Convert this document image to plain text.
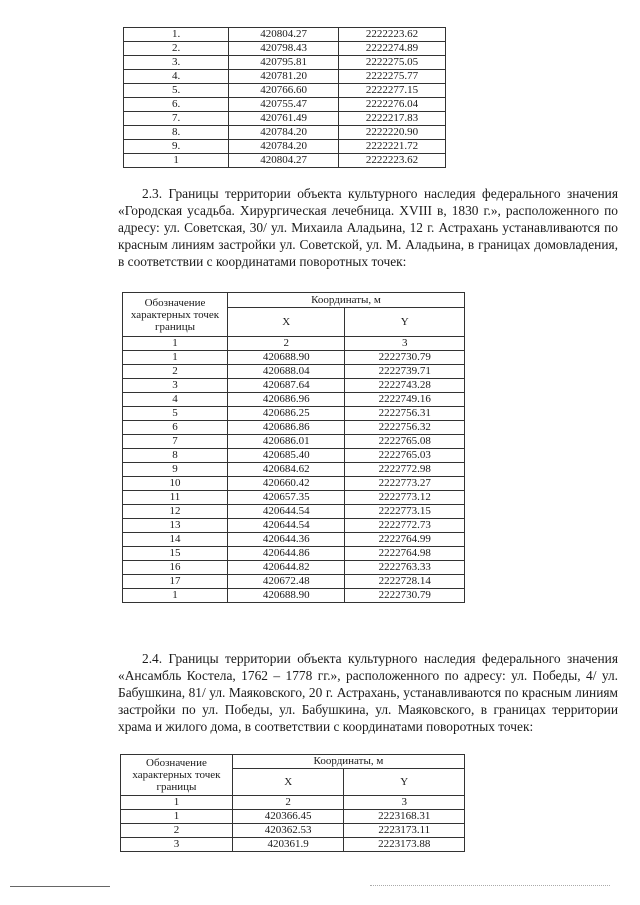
1.	420804.27	2222223.62
2.	420798.43	2222274.89
3.	420795.81	2222275.05
4.	420781.20	2222275.77
5.	420766.60	2222277.15
6.	420755.47	2222276.04
7.	420761.49	2222217.83
8.	420784.20	2222220.90
9.	420784.20	2222221.72
1	420804.27	2222223.62

2.3. Границы территории объекта культурного наследия федерального значения «Городская усадьба. Хирургическая лечебница. XVIII в, 1830 г.», расположенного по адресу: ул. Советская, 30/ ул. Михаила Аладьина, 12 г. Астрахань устанавливаются по красным линиям застройки ул. Советской, ул. М. Аладьина, в границах домовладения, в соответствии с координатами поворотных точек:

Обозначение характерных точек границы	Координаты, м	
	X	Y
1	2	3
1	420688.90	2222730.79
2	420688.04	2222739.71
3	420687.64	2222743.28
4	420686.96	2222749.16
5	420686.25	2222756.31
6	420686.86	2222756.32
7	420686.01	2222765.08
8	420685.40	2222765.03
9	420684.62	2222772.98
10	420660.42	2222773.27
11	420657.35	2222773.12
12	420644.54	2222773.15
13	420644.54	2222772.73
14	420644.36	2222764.99
15	420644.86	2222764.98
16	420644.82	2222763.33
17	420672.48	2222728.14
1	420688.90	2222730.79

2.4. Границы территории объекта культурного наследия федерального значения «Ансамбль Костела, 1762 – 1778 гг.», расположенного по адресу: ул. Победы, 4/ ул. Бабушкина, 81/ ул. Маяковского, 20 г. Астрахань, устанавливаются по красным линиям застройки по ул. Победы, ул. Бабушкина, ул. Маяковского, в границах территории храма и жилого дома, в соответствии с координатами поворотных точек:

Обозначение характерных точек границы	Координаты, м	
	X	Y
1	2	3
1	420366.45	2223168.31
2	420362.53	2223173.11
3	420361.9	2223173.88
